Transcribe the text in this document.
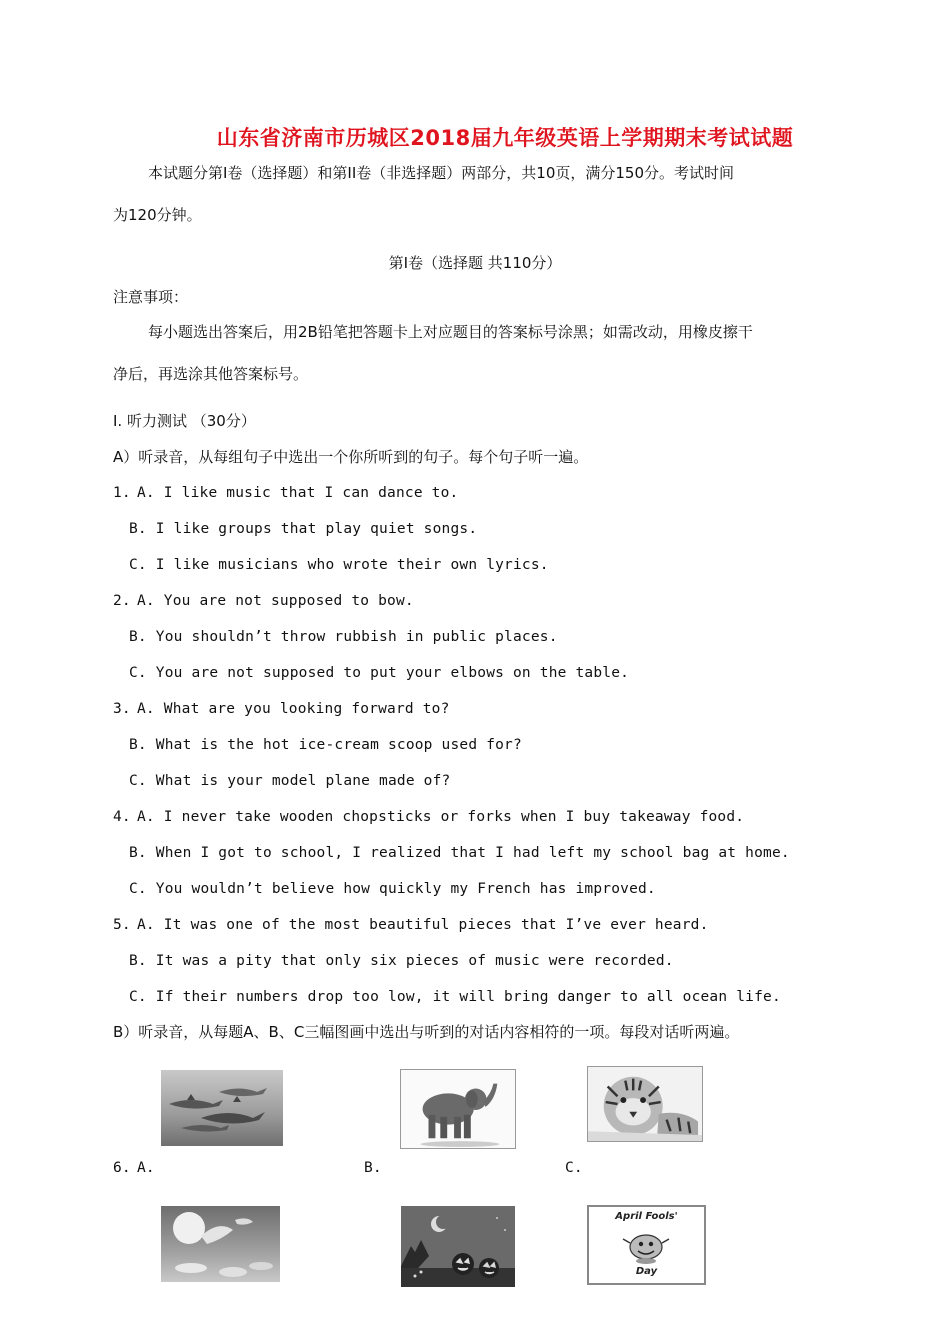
山东省济南市历城区2018届九年级英语上学期期末考试试题
本试题分第I卷（选择题）和第II卷（非选择题）两部分，共10页，满分150分。考试时间
为120分钟。
第I卷（选择题 共110分）
注意事项：
每小题选出答案后，用2B铅笔把答题卡上对应题目的答案标号涂黑；如需改动，用橡皮擦干
净后，再选涂其他答案标号。
I. 听力测试 （30分）
A）听录音，从每组句子中选出一个你所听到的句子。每个句子听一遍。
1. A. I like music that I can dance to.
B. I like groups that play quiet songs.
C. I like musicians who wrote their own lyrics.
2. A. You are not supposed to bow.
B. You shouldn’t throw rubbish in public places.
C. You are not supposed to put your elbows on the table.
3. A. What are you looking forward to?
B. What is the hot ice-cream scoop used for?
C. What is your model plane made of?
4. A. I never take wooden chopsticks or forks when I buy takeaway food.
B. When I got to school, I realized that I had left my school bag at home.
C. You wouldn’t believe how quickly my French has improved.
5. A. It was one of the most beautiful pieces that I’ve ever heard.
B. It was a pity that only six pieces of music were recorded.
C. If their numbers drop too low, it will bring danger to all ocean life.
B）听录音，从每题A、B、C三幅图画中选出与听到的对话内容相符的一项。每段对话听两遍。
6. A.	B.	C.
April Fools'
Day
